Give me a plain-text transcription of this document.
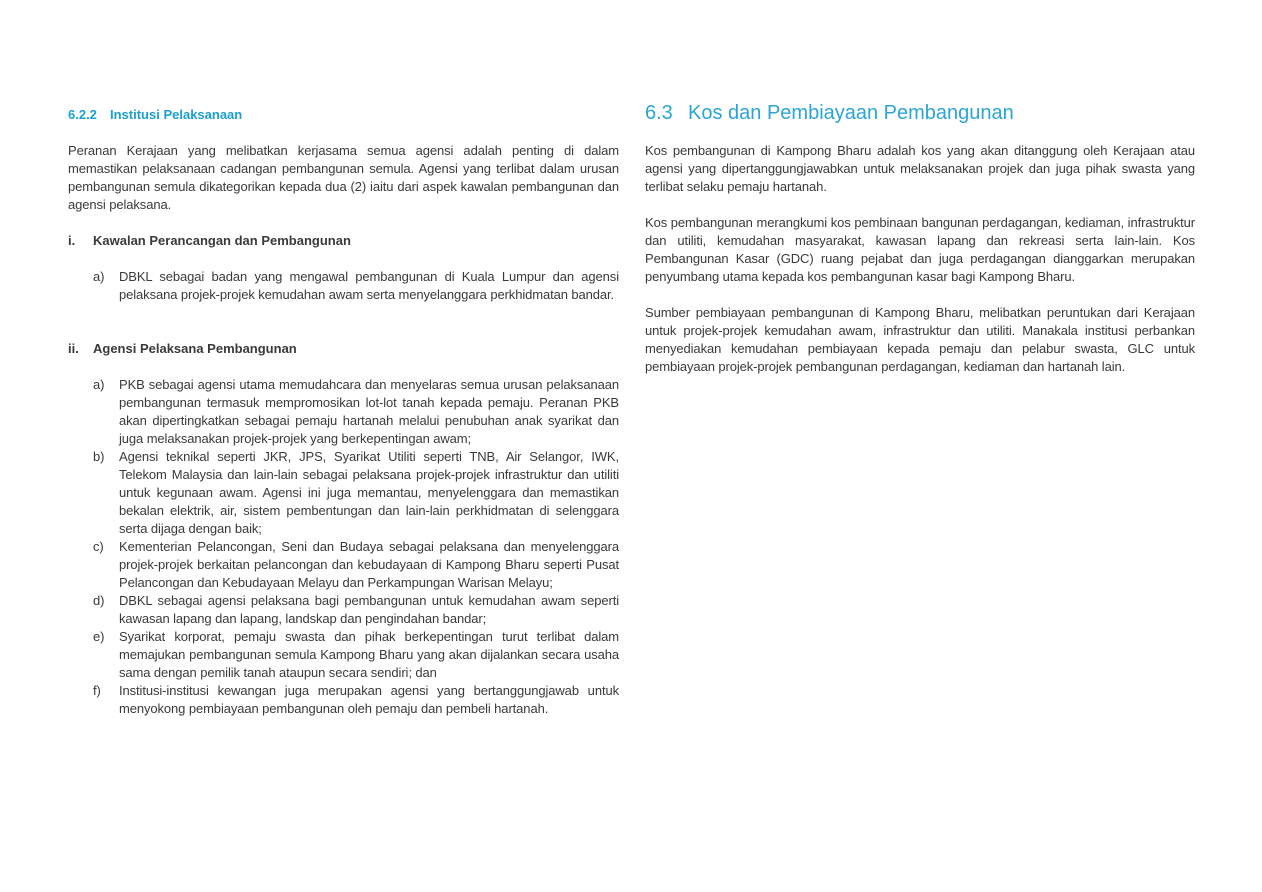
6.2.2 Institusi Pelaksanaan

Peranan Kerajaan yang melibatkan kerjasama semua agensi adalah penting di dalam memastikan pelaksanaan cadangan pembangunan semula. Agensi yang terlibat dalam urusan pembangunan semula dikategorikan kepada dua (2) iaitu dari aspek kawalan pembangunan dan agensi pelaksana.

i. Kawalan Perancangan dan Pembangunan
a) DBKL sebagai badan yang mengawal pembangunan di Kuala Lumpur dan agensi pelaksana projek-projek kemudahan awam serta menyelanggara perkhidmatan bandar.
ii. Agensi Pelaksana Pembangunan
a) PKB sebagai agensi utama memudahcara dan menyelaras semua urusan pelaksanaan pembangunan termasuk mempromosikan lot-lot tanah kepada pemaju. Peranan PKB akan dipertingkatkan sebagai pemaju hartanah melalui penubuhan anak syarikat dan juga melaksanakan projek-projek yang berkepentingan awam;
b) Agensi teknikal seperti JKR, JPS, Syarikat Utiliti seperti TNB, Air Selangor, IWK, Telekom Malaysia dan lain-lain sebagai pelaksana projek-projek infrastruktur dan utiliti untuk kegunaan awam. Agensi ini juga memantau, menyelenggara dan memastikan bekalan elektrik, air, sistem pembentungan dan lain-lain perkhidmatan di selenggara serta dijaga dengan baik;
c) Kementerian Pelancongan, Seni dan Budaya sebagai pelaksana dan menyelenggara projek-projek berkaitan pelancongan dan kebudayaan di Kampong Bharu seperti Pusat Pelancongan dan Kebudayaan Melayu dan Perkampungan Warisan Melayu;
d) DBKL sebagai agensi pelaksana bagi pembangunan untuk kemudahan awam seperti kawasan lapang dan lapang, landskap dan pengindahan bandar;
e) Syarikat korporat, pemaju swasta dan pihak berkepentingan turut terlibat dalam memajukan pembangunan semula Kampong Bharu yang akan dijalankan secara usaha sama dengan pemilik tanah ataupun secara sendiri; dan
f) Institusi-institusi kewangan juga merupakan agensi yang bertanggungjawab untuk menyokong pembiayaan pembangunan oleh pemaju dan pembeli hartanah.
6.3 Kos dan Pembiayaan Pembangunan

Kos pembangunan di Kampong Bharu adalah kos yang akan ditanggung oleh Kerajaan atau agensi yang dipertanggungjawabkan untuk melaksanakan projek dan juga pihak swasta yang terlibat selaku pemaju hartanah.

Kos pembangunan merangkumi kos pembinaan bangunan perdagangan, kediaman, infrastruktur dan utiliti, kemudahan masyarakat, kawasan lapang dan rekreasi serta lain-lain. Kos Pembangunan Kasar (GDC) ruang pejabat dan juga perdagangan dianggarkan merupakan penyumbang utama kepada kos pembangunan kasar bagi Kampong Bharu.

Sumber pembiayaan pembangunan di Kampong Bharu, melibatkan peruntukan dari Kerajaan untuk projek-projek kemudahan awam, infrastruktur dan utiliti. Manakala institusi perbankan menyediakan kemudahan pembiayaan kepada pemaju dan pelabur swasta, GLC untuk pembiayaan projek-projek pembangunan perdagangan, kediaman dan hartanah lain.
